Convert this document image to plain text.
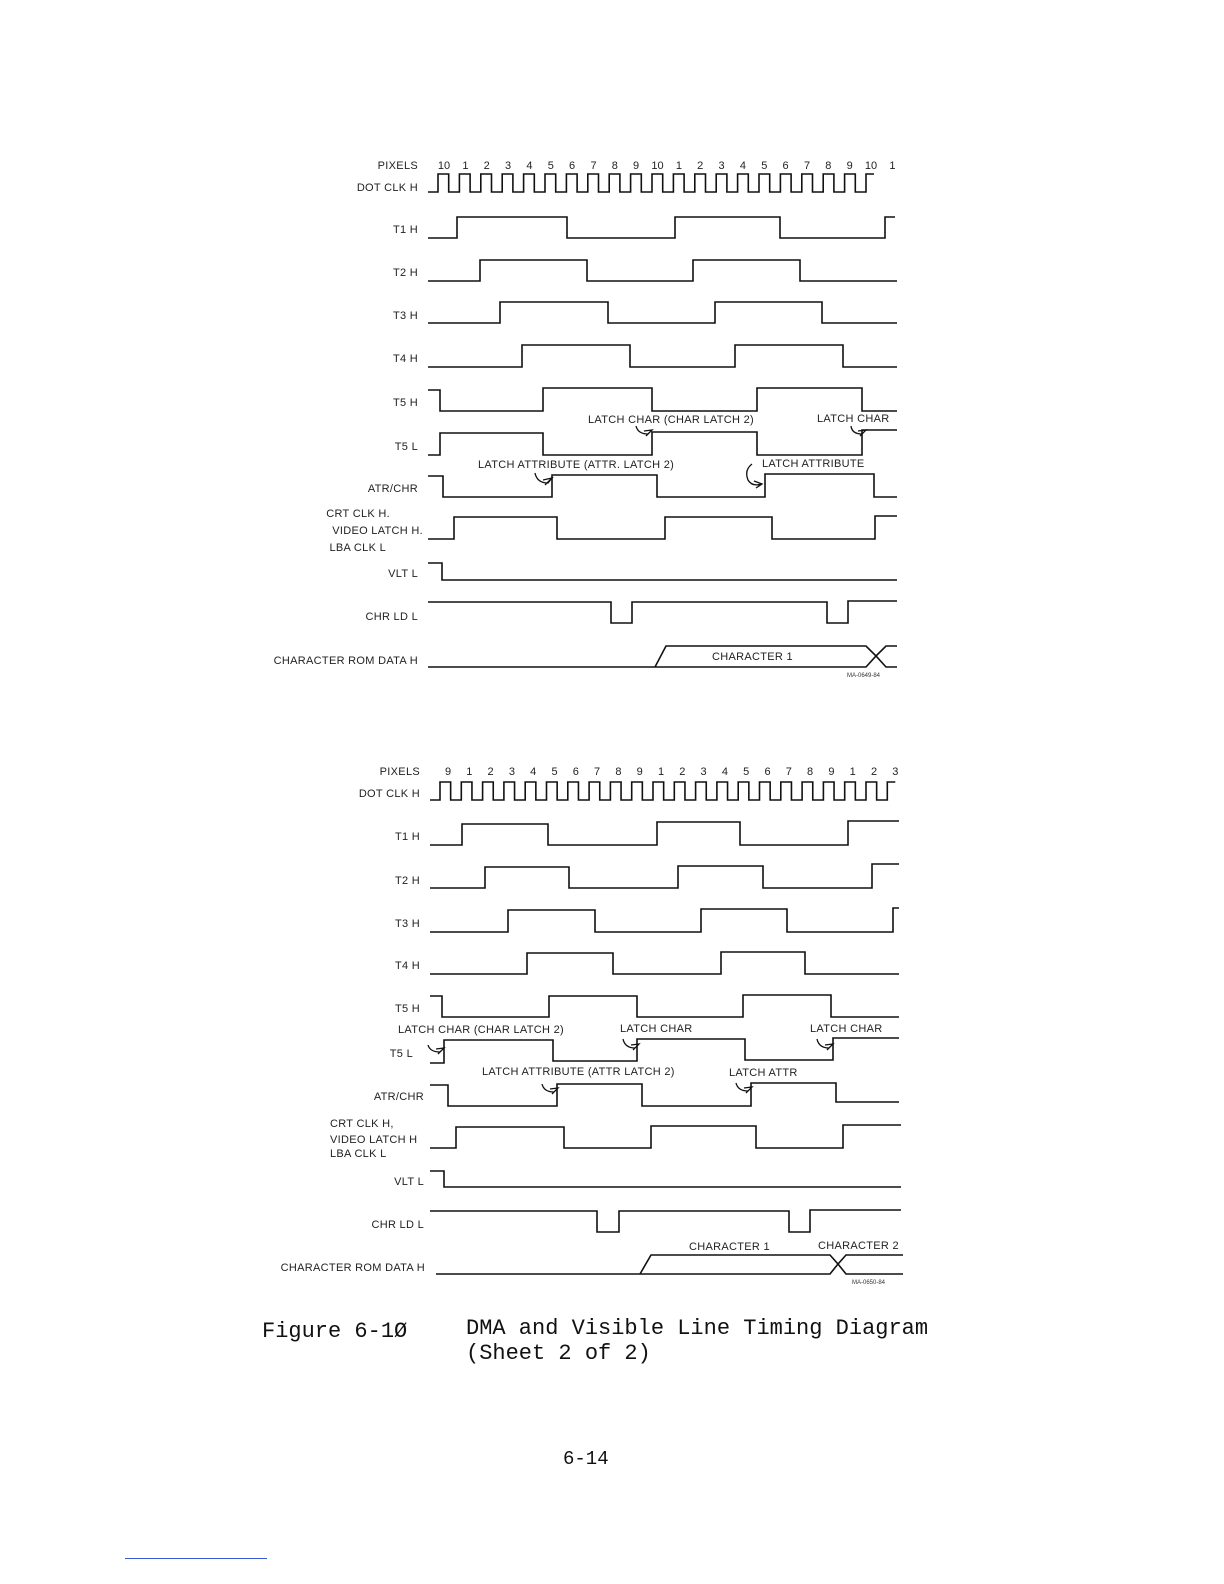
PIXELS 10 1 2 3 4 5 6 7 8 9 10 1 2 3 4 5 6 7 8 9 10 1
DOT CLK H
T1 H
T2 H
T3 H
T4 H
T5 H
LATCH CHAR (CHAR LATCH 2)	LATCH CHAR
T5 L
LATCH ATTRIBUTE (ATTR. LATCH 2)	LATCH ATTRIBUTE
ATR/CHR
CRT CLK H.
VIDEO LATCH H.
LBA CLK L
VLT L
CHR LD L
CHARACTER ROM DATA H	CHARACTER 1
MA-0649-84
PIXELS 9 1 2 3 4 5 6 7 8 9 1 2 3 4 5 6 7 8 9 1 2 3
DOT CLK H
T1 H
T2 H
T3 H
T4 H
T5 H
LATCH CHAR (CHAR LATCH 2)	LATCH CHAR	LATCH CHAR
T5 L
LATCH ATTRIBUTE (ATTR LATCH 2)	LATCH ATTR
ATR/CHR
CRT CLK H,
VIDEO LATCH H
LBA CLK L
VLT L
CHR LD L
CHARACTER ROM DATA H
CHARACTER 1	CHARACTER 2
MA-0650-84
Figure 6-1Ø	DMA and Visible Line Timing Diagram
(Sheet 2 of 2)
6-14
